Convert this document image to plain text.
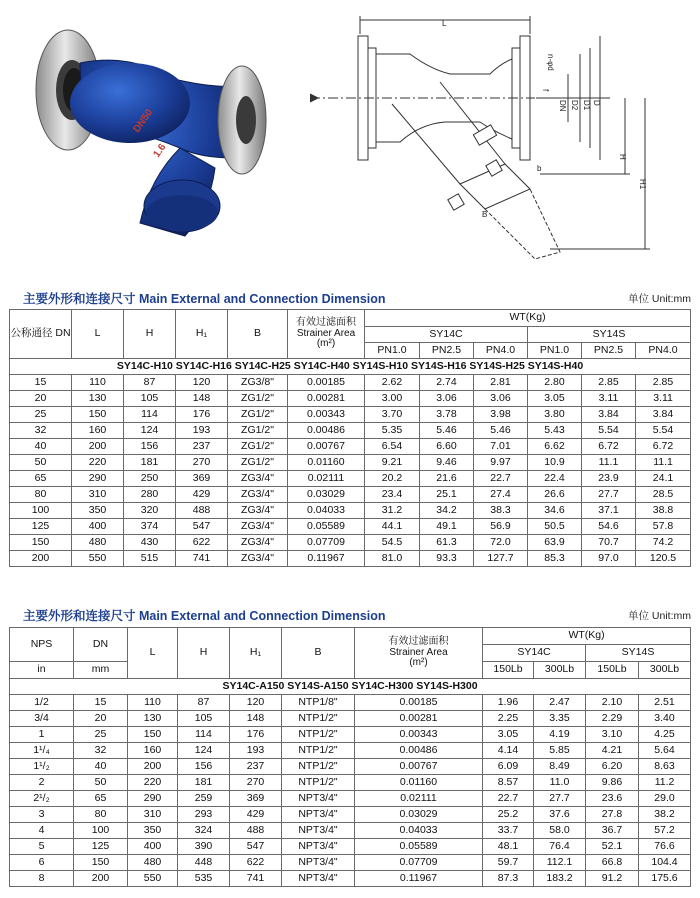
DN50
1.6
L
n-φd
DN D2 D1 D
f
H
H1
b
B
主要外形和连接尺寸 Main External and Connection Dimension	单位 Unit:mm
公称通径 DN	L	H	H₁	B	有效过滤面积
Strainer Area
(m²)	WT(Kg)					
						SY14C			SY14S		
						PN1.0	PN2.5	PN4.0	PN1.0	PN2.5	PN4.0
SY14C-H10 SY14C-H16 SY14C-H25 SY14C-H40 SY14S-H10 SY14S-H16 SY14S-H25 SY14S-H40											
15	110	87	120	ZG3/8"	0.00185	2.62	2.74	2.81	2.80	2.85	2.85
20	130	105	148	ZG1/2"	0.00281	3.00	3.06	3.06	3.05	3.11	3.11
25	150	114	176	ZG1/2"	0.00343	3.70	3.78	3.98	3.80	3.84	3.84
32	160	124	193	ZG1/2"	0.00486	5.35	5.46	5.46	5.43	5.54	5.54
40	200	156	237	ZG1/2"	0.00767	6.54	6.60	7.01	6.62	6.72	6.72
50	220	181	270	ZG1/2"	0.01160	9.21	9.46	9.97	10.9	11.1	11.1
65	290	250	369	ZG3/4"	0.02111	20.2	21.6	22.7	22.4	23.9	24.1
80	310	280	429	ZG3/4"	0.03029	23.4	25.1	27.4	26.6	27.7	28.5
100	350	320	488	ZG3/4"	0.04033	31.2	34.2	38.3	34.6	37.1	38.8
125	400	374	547	ZG3/4"	0.05589	44.1	49.1	56.9	50.5	54.6	57.8
150	480	430	622	ZG3/4"	0.07709	54.5	61.3	72.0	63.9	70.7	74.2
200	550	515	741	ZG3/4"	0.11967	81.0	93.3	127.7	85.3	97.0	120.5
主要外形和连接尺寸 Main External and Connection Dimension	单位 Unit:mm
NPS	DN	L	H	H₁	B	有效过滤面积
Strainer Area
(m²)	WT(Kg)			
							SY14C		SY14S	
in	mm						150Lb	300Lb	150Lb	300Lb
SY14C-A150 SY14S-A150 SY14C-H300 SY14S-H300										
1/2	15	110	87	120	NTP1/8"	0.00185	1.96	2.47	2.10	2.51
3/4	20	130	105	148	NTP1/2"	0.00281	2.25	3.35	2.29	3.40
1	25	150	114	176	NTP1/2"	0.00343	3.05	4.19	3.10	4.25
1¹/₄	32	160	124	193	NTP1/2"	0.00486	4.14	5.85	4.21	5.64
1¹/₂	40	200	156	237	NTP1/2"	0.00767	6.09	8.49	6.20	8.63
2	50	220	181	270	NTP1/2"	0.01160	8.57	11.0	9.86	11.2
2¹/₂	65	290	259	369	NPT3/4"	0.02111	22.7	27.7	23.6	29.0
3	80	310	293	429	NPT3/4"	0.03029	25.2	37.6	27.8	38.2
4	100	350	324	488	NPT3/4"	0.04033	33.7	58.0	36.7	57.2
5	125	400	390	547	NPT3/4"	0.05589	48.1	76.4	52.1	76.6
6	150	480	448	622	NPT3/4"	0.07709	59.7	112.1	66.8	104.4
8	200	550	535	741	NPT3/4"	0.11967	87.3	183.2	91.2	175.6
